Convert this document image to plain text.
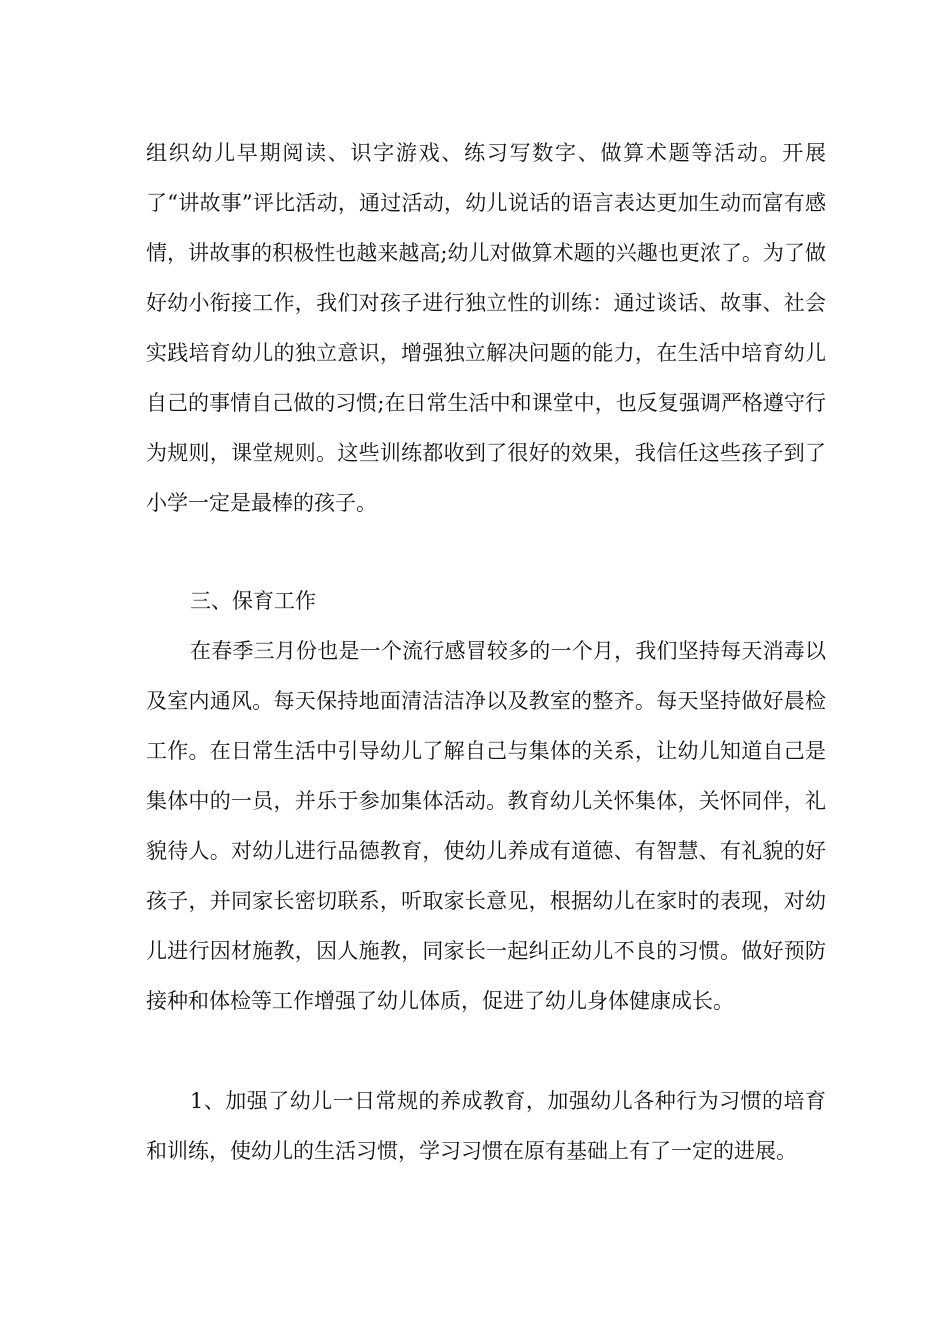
组织幼儿早期阅读、识字游戏、练习写数字、做算术题等活动。开展了“讲故事”评比活动，通过活动，幼儿说话的语言表达更加生动而富有感情，讲故事的积极性也越来越高;幼儿对做算术题的兴趣也更浓了。为了做好幼小衔接工作，我们对孩子进行独立性的训练：通过谈话、故事、社会实践培育幼儿的独立意识，增强独立解决问题的能力，在生活中培育幼儿自己的事情自己做的习惯;在日常生活中和课堂中，也反复强调严格遵守行为规则，课堂规则。这些训练都收到了很好的效果，我信任这些孩子到了小学一定是最棒的孩子。

三、保育工作

在春季三月份也是一个流行感冒较多的一个月，我们坚持每天消毒以及室内通风。每天保持地面清洁洁净以及教室的整齐。每天坚持做好晨检工作。在日常生活中引导幼儿了解自己与集体的关系，让幼儿知道自己是集体中的一员，并乐于参加集体活动。教育幼儿关怀集体，关怀同伴，礼貌待人。对幼儿进行品德教育，使幼儿养成有道德、有智慧、有礼貌的好孩子，并同家长密切联系，听取家长意见，根据幼儿在家时的表现，对幼儿进行因材施教，因人施教，同家长一起纠正幼儿不良的习惯。做好预防接种和体检等工作增强了幼儿体质，促进了幼儿身体健康成长。

1、加强了幼儿一日常规的养成教育，加强幼儿各种行为习惯的培育和训练，使幼儿的生活习惯，学习习惯在原有基础上有了一定的进展。
